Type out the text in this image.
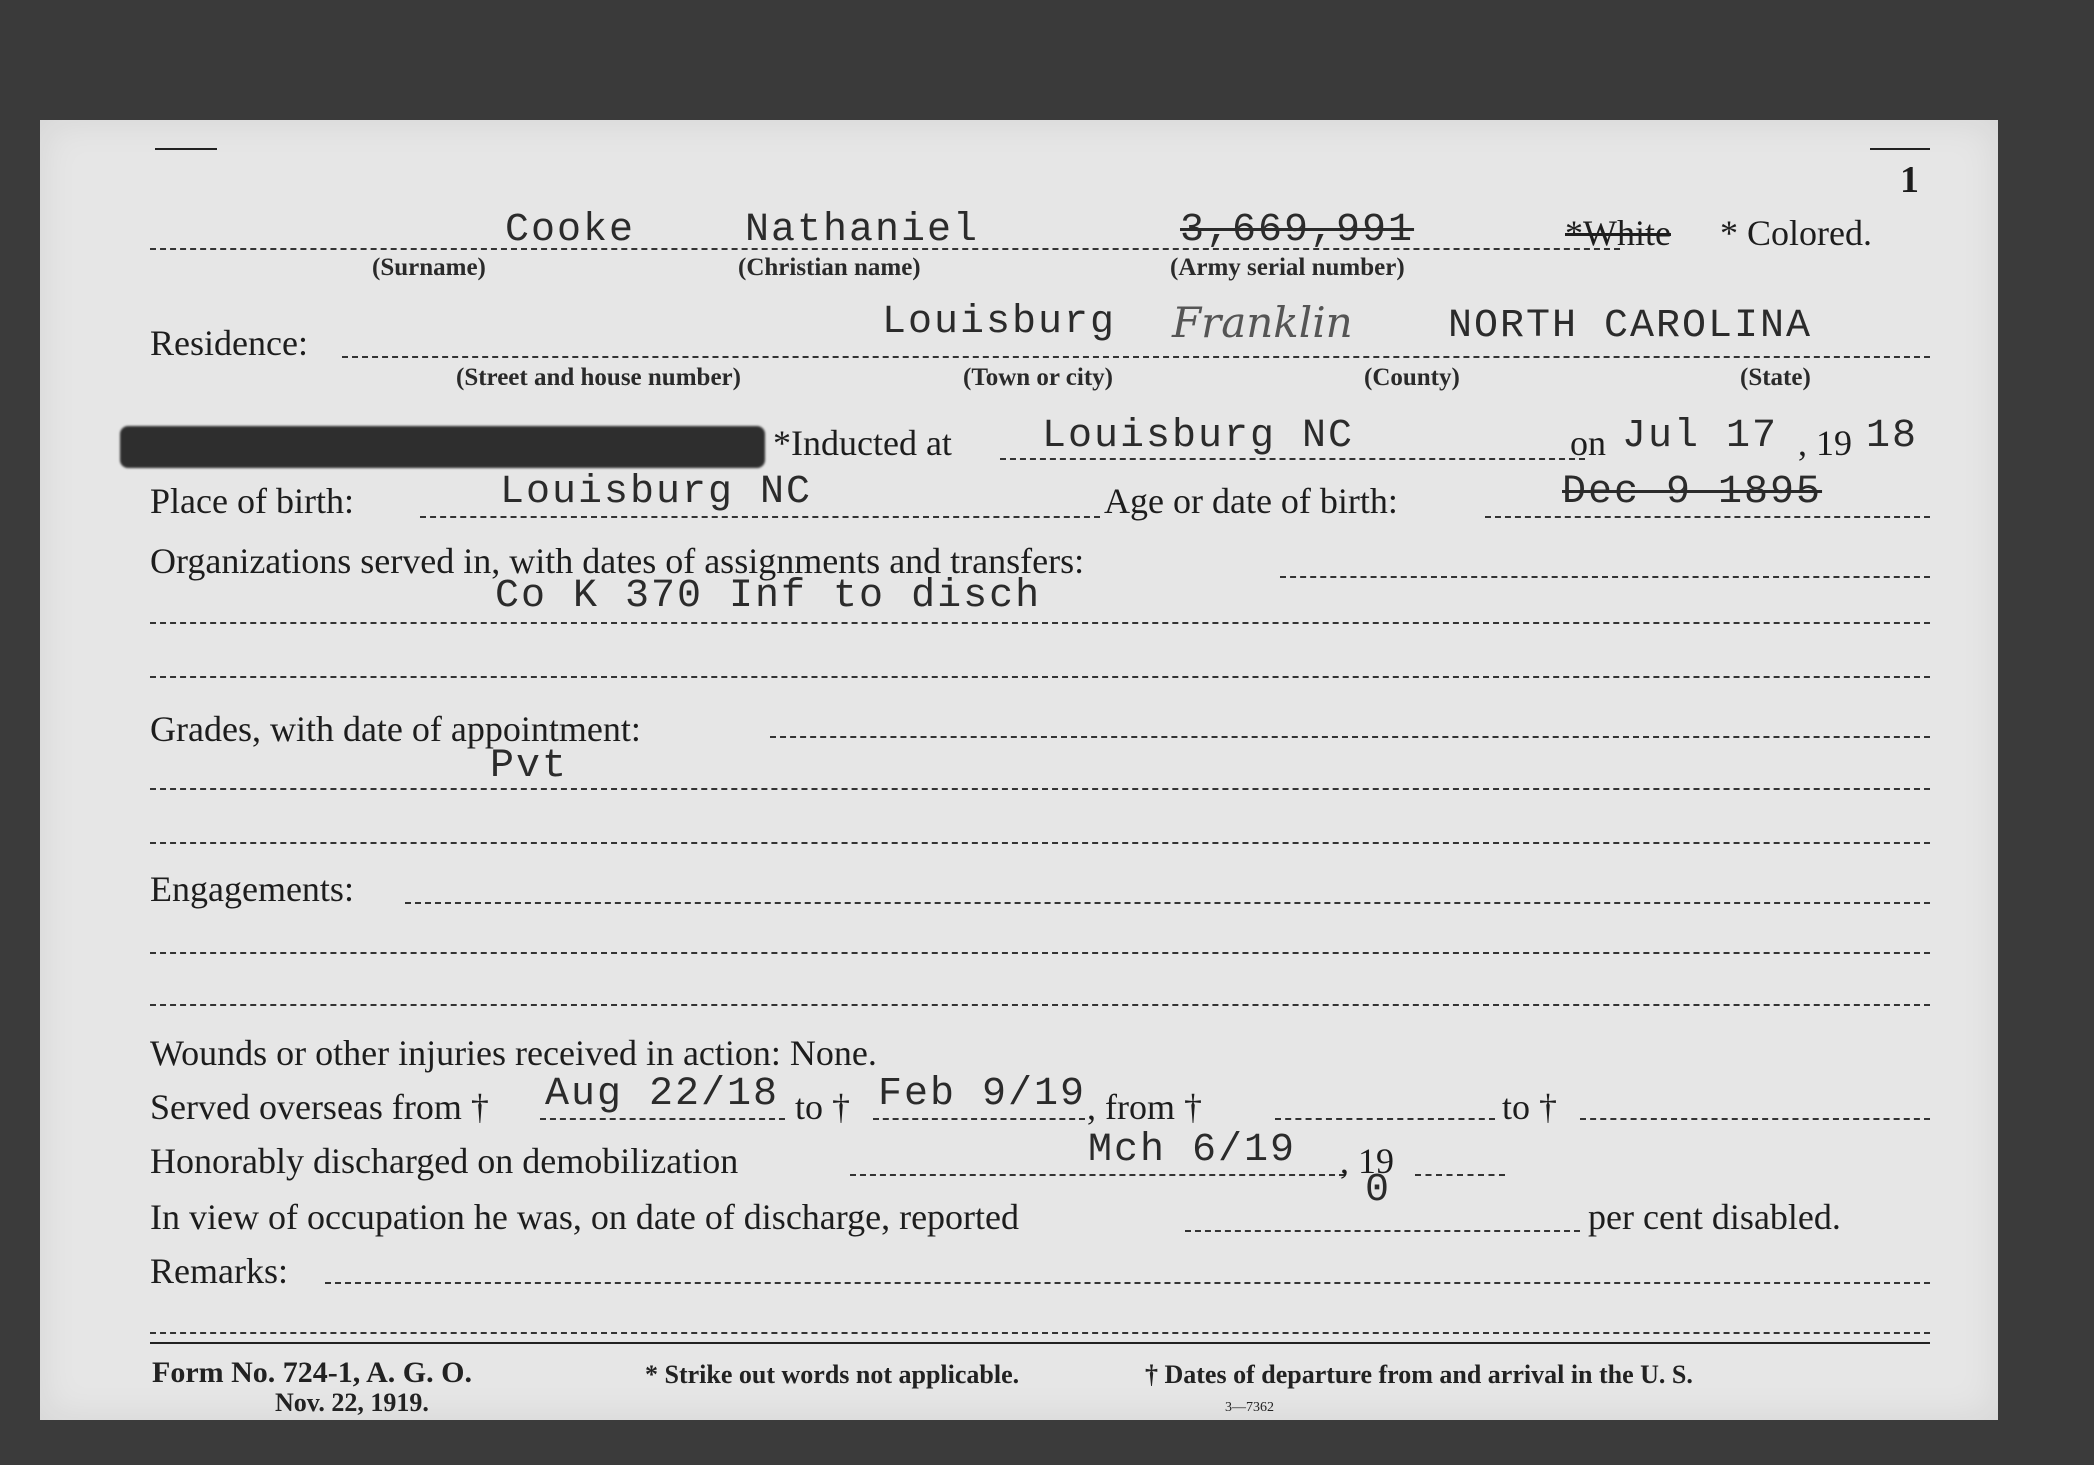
1
Cooke	Nathaniel	3,669,991	*White * Colored.
(Surname)	(Christian name)	(Army serial number)
Residence:	Louisburg Franklin NORTH CAROLINA
(Street and house number)	(Town or city)	(County)	(State)
*Inducted at Louisburg NC	on Jul 17 , 19 18
Place of birth:	Louisburg NC	Age or date of birth:	Dec 9 1895
Organizations served in, with dates of assignments and transfers:
Co K 370 Inf to disch
Grades, with date of appointment:
Pvt
Engagements:
Wounds or other injuries received in action: None.
Served overseas from † Aug 22/18 to † Feb 9/19 , from †	to †
Honorably discharged on demobilization	Mch 6/19 , 19
In view of occupation he was, on date of discharge, reported
0
per cent disabled.
Remarks:
Form No. 724-1, A. G. O.
Nov. 22, 1919.
* Strike out words not applicable.	† Dates of departure from and arrival in the U. S.
3—7362
